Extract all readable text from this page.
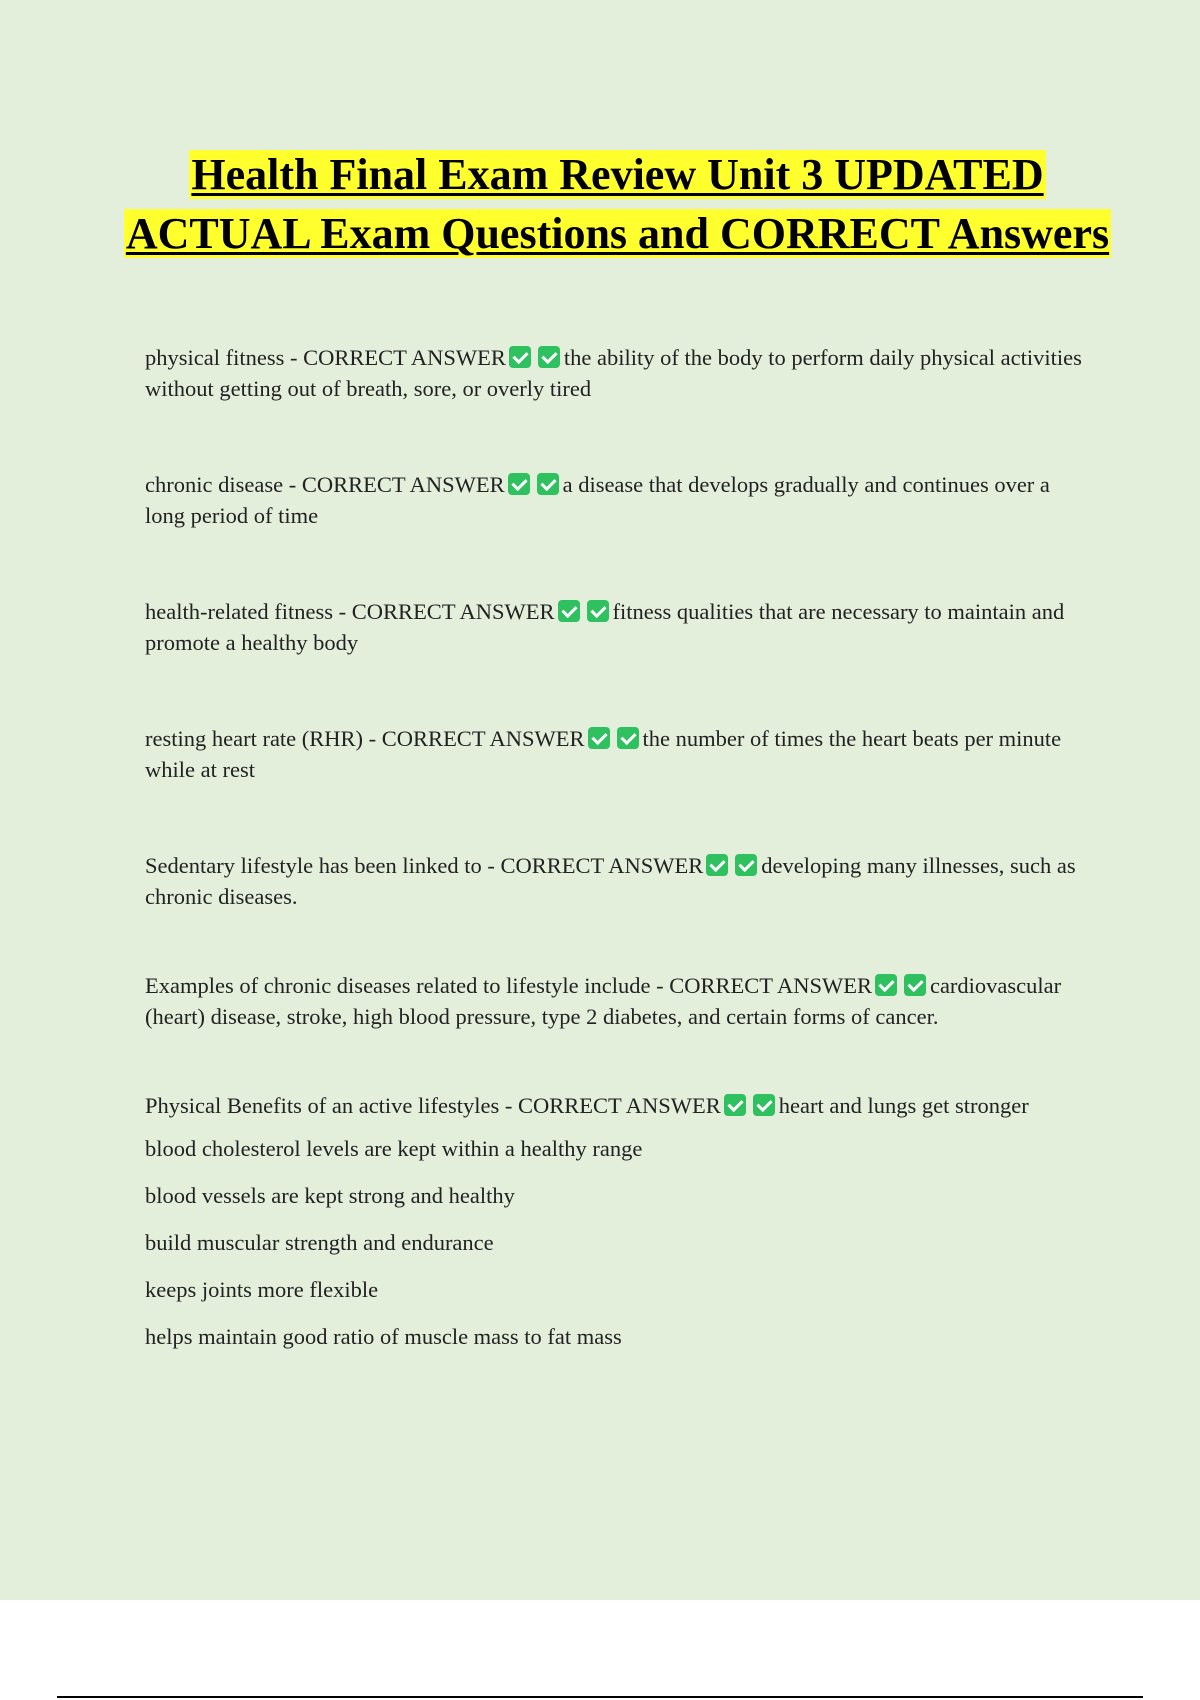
Health Final Exam Review Unit 3 UPDATED ACTUAL Exam Questions and CORRECT Answers

physical fitness - CORRECT ANSWER	the ability of the body to perform daily physical activities without getting out of breath, sore, or overly tired

chronic disease - CORRECT ANSWER	a disease that develops gradually and continues over a long period of time

health-related fitness - CORRECT ANSWER	fitness qualities that are necessary to maintain and promote a healthy body

resting heart rate (RHR) - CORRECT ANSWER	the number of times the heart beats per minute while at rest

Sedentary lifestyle has been linked to - CORRECT ANSWER	developing many illnesses, such as chronic diseases.

Examples of chronic diseases related to lifestyle include - CORRECT ANSWER	cardiovascular (heart) disease, stroke, high blood pressure, type 2 diabetes, and certain forms of cancer.

Physical Benefits of an active lifestyles - CORRECT ANSWER	heart and lungs get stronger

blood cholesterol levels are kept within a healthy range
blood vessels are kept strong and healthy
build muscular strength and endurance
keeps joints more flexible
helps maintain good ratio of muscle mass to fat mass
